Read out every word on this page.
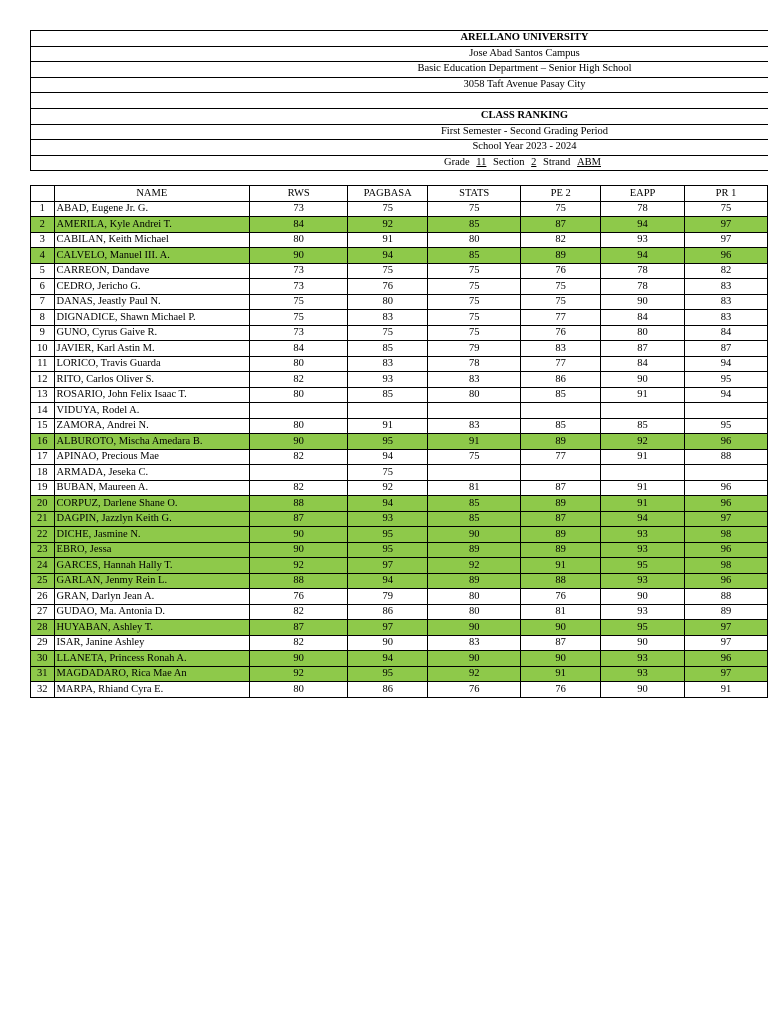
ARELLANO UNIVERSITY
Jose Abad Santos Campus
Basic Education Department – Senior High School
3058 Taft Avenue Pasay City

CLASS RANKING
First Semester - Second Grading Period
School Year 2023 - 2024
Grade 11 Section 2 Strand ABM
	NAME	RWS	PAGBASA	STATS	PE 2	EAPP	PR 1
1	ABAD, Eugene Jr. G.	73	75	75	75	78	75
2	AMERILA, Kyle Andrei T.	84	92	85	87	94	97
3	CABILAN, Keith Michael	80	91	80	82	93	97
4	CALVELO, Manuel III. A.	90	94	85	89	94	96
5	CARREON, Dandave	73	75	75	76	78	82
6	CEDRO, Jericho G.	73	76	75	75	78	83
7	DANAS, Jeastly Paul N.	75	80	75	75	90	83
8	DIGNADICE, Shawn Michael P.	75	83	75	77	84	83
9	GUNO, Cyrus Gaive R.	73	75	75	76	80	84
10	JAVIER, Karl Astin M.	84	85	79	83	87	87
11	LORICO, Travis Guarda	80	83	78	77	84	94
12	RITO, Carlos Oliver S.	82	93	83	86	90	95
13	ROSARIO, John Felix Isaac T.	80	85	80	85	91	94
14	VIDUYA, Rodel A.						
15	ZAMORA, Andrei N.	80	91	83	85	85	95
16	ALBUROTO, Mischa Amedara B.	90	95	91	89	92	96
17	APINAO, Precious Mae	82	94	75	77	91	88
18	ARMADA, Jeseka C.		75				
19	BUBAN, Maureen A.	82	92	81	87	91	96
20	CORPUZ, Darlene Shane O.	88	94	85	89	91	96
21	DAGPIN, Jazzlyn Keith G.	87	93	85	87	94	97
22	DICHE, Jasmine N.	90	95	90	89	93	98
23	EBRO, Jessa	90	95	89	89	93	96
24	GARCES, Hannah Hally T.	92	97	92	91	95	98
25	GARLAN, Jenmy Rein L.	88	94	89	88	93	96
26	GRAN, Darlyn Jean A.	76	79	80	76	90	88
27	GUDAO, Ma. Antonia D.	82	86	80	81	93	89
28	HUYABAN, Ashley T.	87	97	90	90	95	97
29	ISAR, Janine Ashley	82	90	83	87	90	97
30	LLANETA, Princess Ronah A.	90	94	90	90	93	96
31	MAGDADARO, Rica Mae An	92	95	92	91	93	97
32	MARPA, Rhiand Cyra E.	80	86	76	76	90	91
